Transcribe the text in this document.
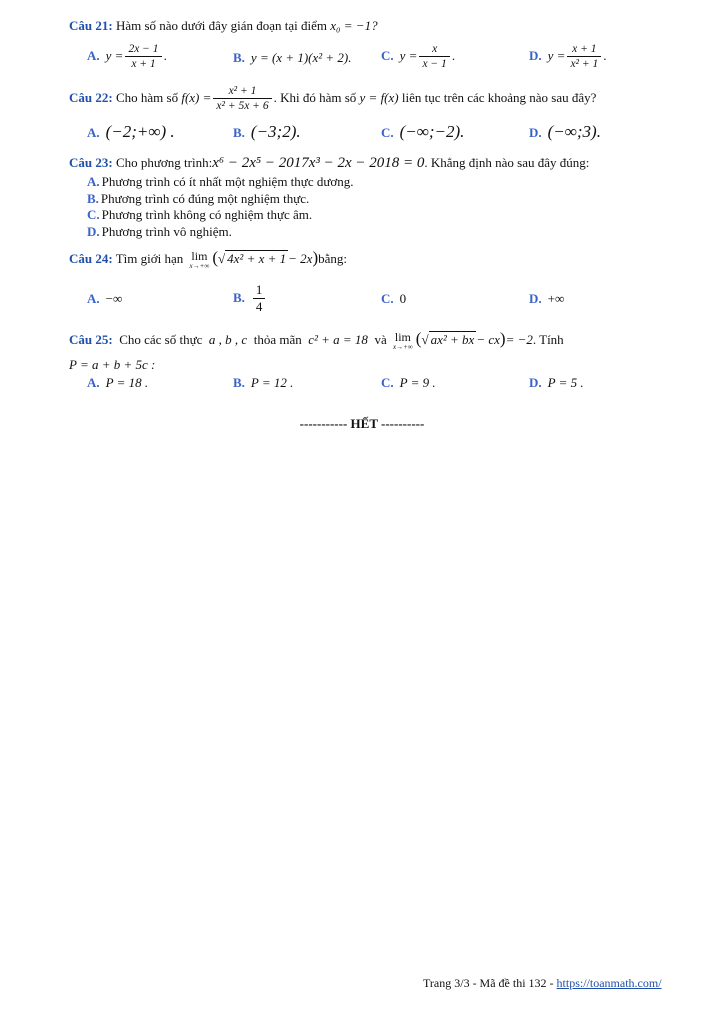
Câu 21: Hàm số nào dưới đây gián đoạn tại điểm x₀ = −1?
A. $y = \frac{2x - 1}{x + 1}$ .	B. y = (x + 1)(x² + 2). C. $y = \frac{x}{x - 1}$ .	D. $y = \frac{x + 1}{\text{x² + 1}}$ .
Câu 22: Cho hàm số $f(x) = \frac{\text{x² + 1}}{\text{x² + 5x + 6}}$ . Khi đó hàm số y = f(x) liên tục trên các khoảng nào sau đây?
A. (−2;+∞) .	B. (−3;2).	C. (−∞;−2).	D. (−∞;3).
Câu 23: Cho phương trình:x⁶ − 2x⁵ − 2017x³ − 2x − 2018 = 0. Khẳng định nào sau đây đúng:
A. Phương trình có ít nhất một nghiệm thực dương.
B. Phương trình có đúng một nghiệm thực.
C. Phương trình không có nghiệm thực âm.
D. Phương trình vô nghiệm.
Câu 24: Tìm giới hạn lim
x→+∞ (√ 4x² + x + 1 − 2x)bằng:
A. −∞	B. $\frac{1}{4}$	C. 0	D. +∞
Câu 25: Cho các số thực a , b , c thỏa mãn c² + a = 18 và lim
x→+∞ (√ ax² + bx − cx)= −2. Tính
P = a + b + 5c :
A. P = 18 .	B. P = 12 .	C. P = 9 .	D. P = 5 .
----------- HẾT ----------
Trang 3/3 - Mã đề thi 132 - https://toanmath.com/
